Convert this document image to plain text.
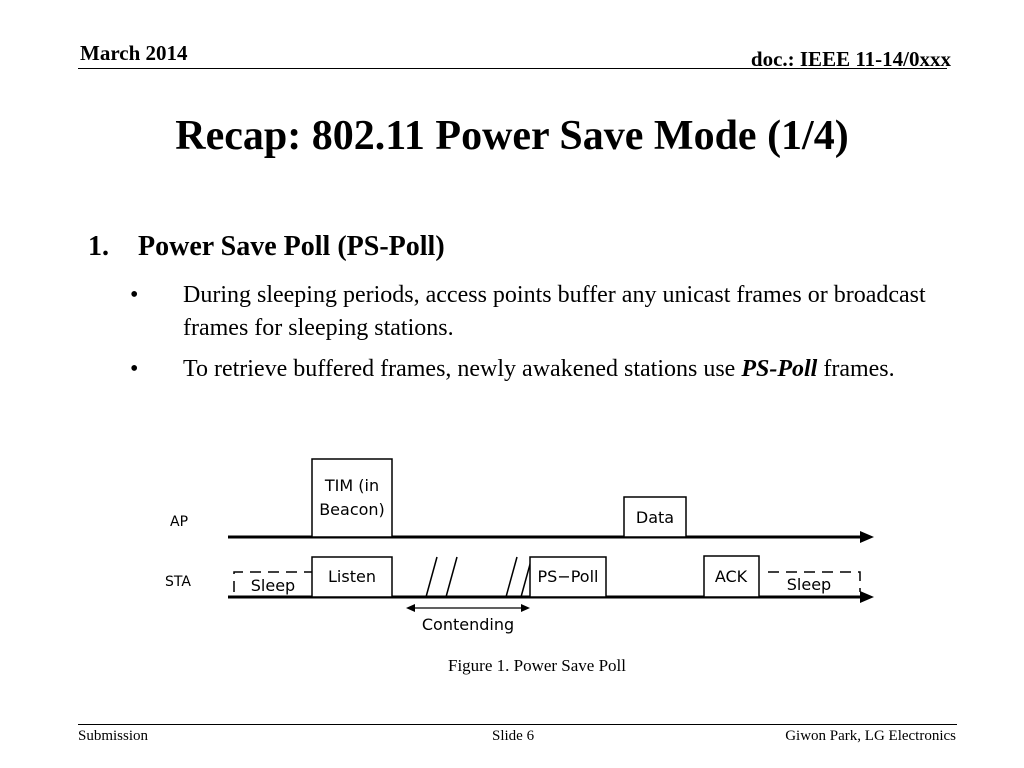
March 2014	doc.: IEEE 11-14/0xxx
Recap: 802.11 Power Save Mode (1/4)
1. Power Save Poll (PS-Poll)
• During sleeping periods, access points buffer any unicast frames or broadcast frames for sleeping stations.
• To retrieve buffered frames, newly awakened stations use PS-Poll frames.
AP
TIM (in
Beacon)	Data
STA	Sleep Listen	PS−Poll	ACK Sleep
Contending
Figure 1. Power Save Poll
Submission	Slide 6	Giwon Park, LG Electronics
